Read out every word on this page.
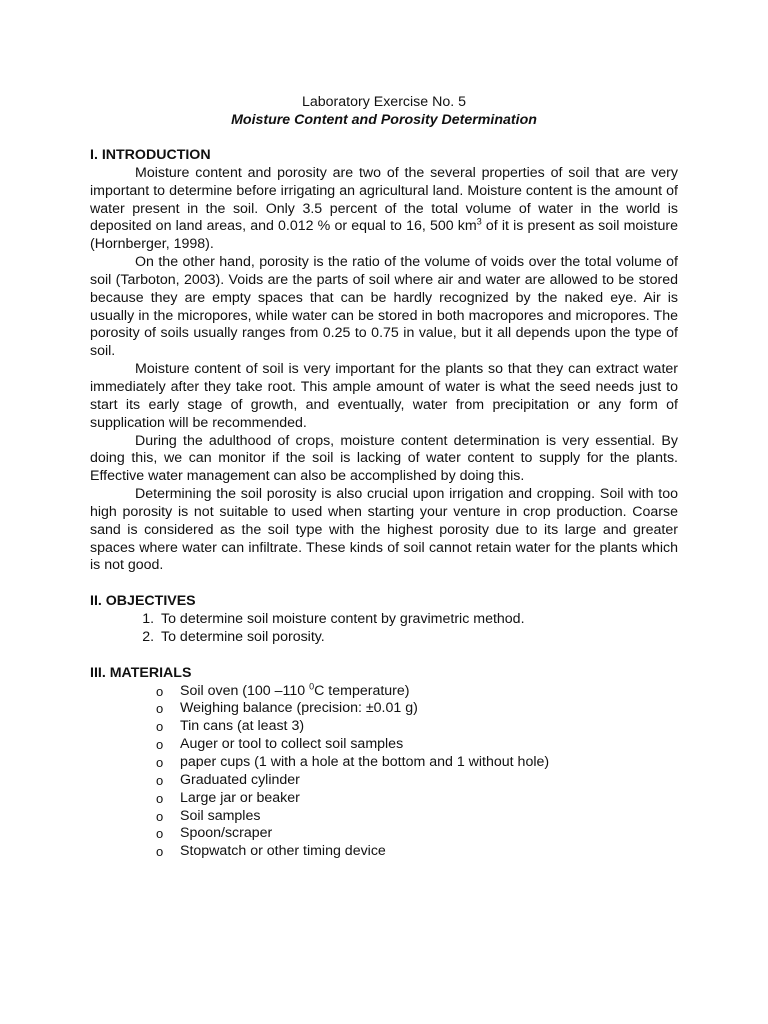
Laboratory Exercise No. 5
Moisture Content and Porosity Determination

I. INTRODUCTION

Moisture content and porosity are two of the several properties of soil that are very important to determine before irrigating an agricultural land. Moisture content is the amount of water present in the soil. Only 3.5 percent of the total volume of water in the world is deposited on land areas, and 0.012 % or equal to 16, 500 $km^3$ of it is present as soil moisture (Hornberger, 1998).

On the other hand, porosity is the ratio of the volume of voids over the total volume of soil (Tarboton, 2003). Voids are the parts of soil where air and water are allowed to be stored because they are empty spaces that can be hardly recognized by the naked eye. Air is usually in the micropores, while water can be stored in both macropores and micropores. The porosity of soils usually ranges from 0.25 to 0.75 in value, but it all depends upon the type of soil.

Moisture content of soil is very important for the plants so that they can extract water immediately after they take root. This ample amount of water is what the seed needs just to start its early stage of growth, and eventually, water from precipitation or any form of supplication will be recommended.

During the adulthood of crops, moisture content determination is very essential. By doing this, we can monitor if the soil is lacking of water content to supply for the plants. Effective water management can also be accomplished by doing this.

Determining the soil porosity is also crucial upon irrigation and cropping. Soil with too high porosity is not suitable to used when starting your venture in crop production. Coarse sand is considered as the soil type with the highest porosity due to its large and greater spaces where water can infiltrate. These kinds of soil cannot retain water for the plants which is not good.

II. OBJECTIVES

1. To determine soil moisture content by gravimetric method.
2. To determine soil porosity.

III. MATERIALS

o Soil oven (100 –110 $^0$C temperature)
o Weighing balance (precision: ±0.01 g)
o Tin cans (at least 3)
o Auger or tool to collect soil samples
o paper cups (1 with a hole at the bottom and 1 without hole)
o Graduated cylinder
o Large jar or beaker
o Soil samples
o Spoon/scraper
o Stopwatch or other timing device
